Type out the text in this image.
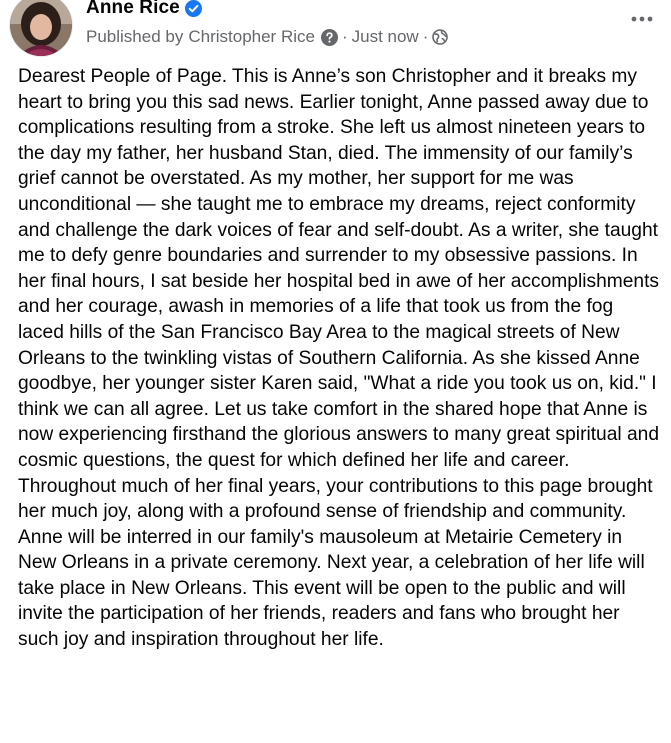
Anne Rice
Published by Christopher Rice · Just now ·

Dearest People of Page. This is Anne’s son Christopher and it breaks my heart to bring you this sad news. Earlier tonight, Anne passed away due to complications resulting from a stroke. She left us almost nineteen years to the day my father, her husband Stan, died. The immensity of our family’s grief cannot be overstated. As my mother, her support for me was unconditional — she taught me to embrace my dreams, reject conformity and challenge the dark voices of fear and self-doubt. As a writer, she taught me to defy genre boundaries and surrender to my obsessive passions. In her final hours, I sat beside her hospital bed in awe of her accomplishments and her courage, awash in memories of a life that took us from the fog laced hills of the San Francisco Bay Area to the magical streets of New Orleans to the twinkling vistas of Southern California. As she kissed Anne goodbye, her younger sister Karen said, "What a ride you took us on, kid." I think we can all agree. Let us take comfort in the shared hope that Anne is now experiencing firsthand the glorious answers to many great spiritual and cosmic questions, the quest for which defined her life and career. Throughout much of her final years, your contributions to this page brought her much joy, along with a profound sense of friendship and community. Anne will be interred in our family's mausoleum at Metairie Cemetery in New Orleans in a private ceremony. Next year, a celebration of her life will take place in New Orleans. This event will be open to the public and will invite the participation of her friends, readers and fans who brought her such joy and inspiration throughout her life.
